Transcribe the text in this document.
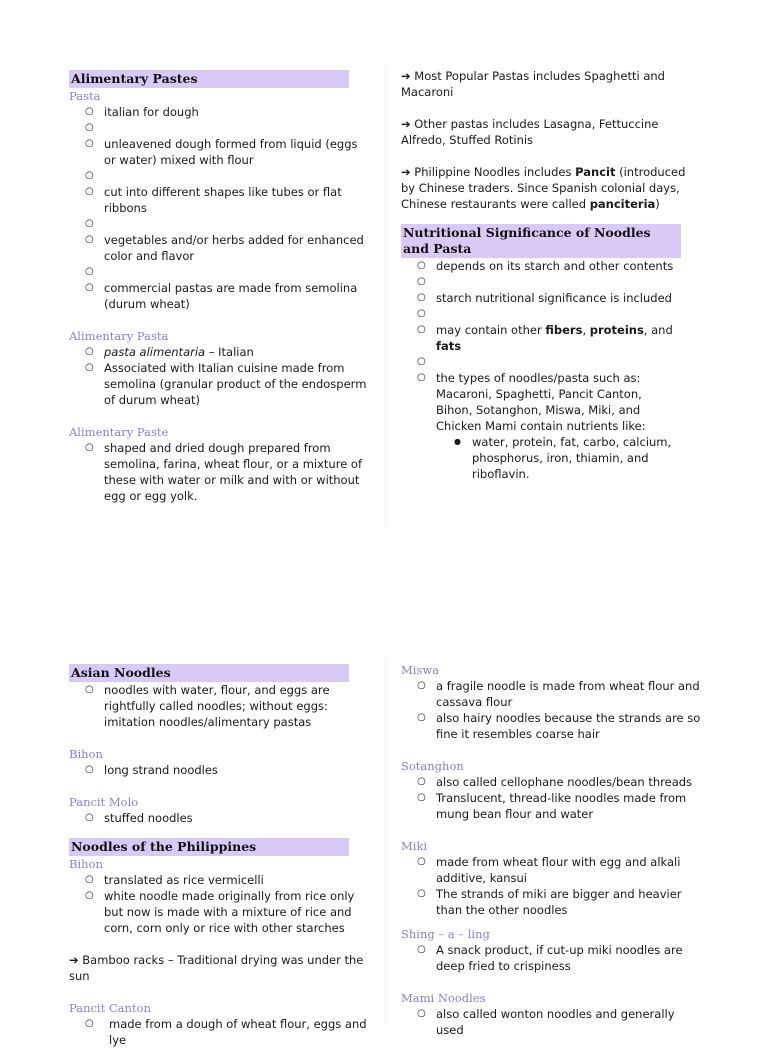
Alimentary Pastes
Pasta
○ italian for dough
○
○ unleavened dough formed from liquid (eggs or water) mixed with flour
○
○ cut into different shapes like tubes or flat ribbons
○
○ vegetables and/or herbs added for enhanced color and flavor
○
○ commercial pastas are made from semolina (durum wheat)
Alimentary Pasta
○ pasta alimentaria – Italian
○ Associated with Italian cuisine made from semolina (granular product of the endosperm of durum wheat)
Alimentary Paste
○ shaped and dried dough prepared from semolina, farina, wheat flour, or a mixture of these with water or milk and with or without egg or egg yolk.
➔ Most Popular Pastas includes Spaghetti and Macaroni
➔ Other pastas includes Lasagna, Fettuccine Alfredo, Stuffed Rotinis
➔ Philippine Noodles includes Pancit (introduced by Chinese traders. Since Spanish colonial days, Chinese restaurants were called panciteria)
Nutritional Significance of Noodles and Pasta
○ depends on its starch and other contents
○
○ starch nutritional significance is included
○
○ may contain other fibers, proteins, and fats
○
○ the types of noodles/pasta such as:
Macaroni, Spaghetti, Pancit Canton, Bihon, Sotanghon, Miswa, Miki, and Chicken Mami contain nutrients like:
● water, protein, fat, carbo, calcium, phosphorus, iron, thiamin, and riboflavin.
Asian Noodles
○ noodles with water, flour, and eggs are rightfully called noodles; without eggs: imitation noodles/alimentary pastas
Bihon
○ long strand noodles
Pancit Molo
○ stuffed noodles
Noodles of the Philippines
Bihon
○ translated as rice vermicelli
○ white noodle made originally from rice only but now is made with a mixture of rice and corn, corn only or rice with other starches
➔ Bamboo racks – Traditional drying was under the sun
Pancit Canton
○ made from a dough of wheat flour, eggs and lye
Miswa
○ a fragile noodle is made from wheat flour and cassava flour
○ also hairy noodles because the strands are so fine it resembles coarse hair
Sotanghon
○ also called cellophane noodles/bean threads
○ Translucent, thread-like noodles made from mung bean flour and water
Miki
○ made from wheat flour with egg and alkali additive, kansui
○ The strands of miki are bigger and heavier than the other noodles
Shing – a – ling
○ A snack product, if cut-up miki noodles are deep fried to crispiness
Mami Noodles
○ also called wonton noodles and generally used
